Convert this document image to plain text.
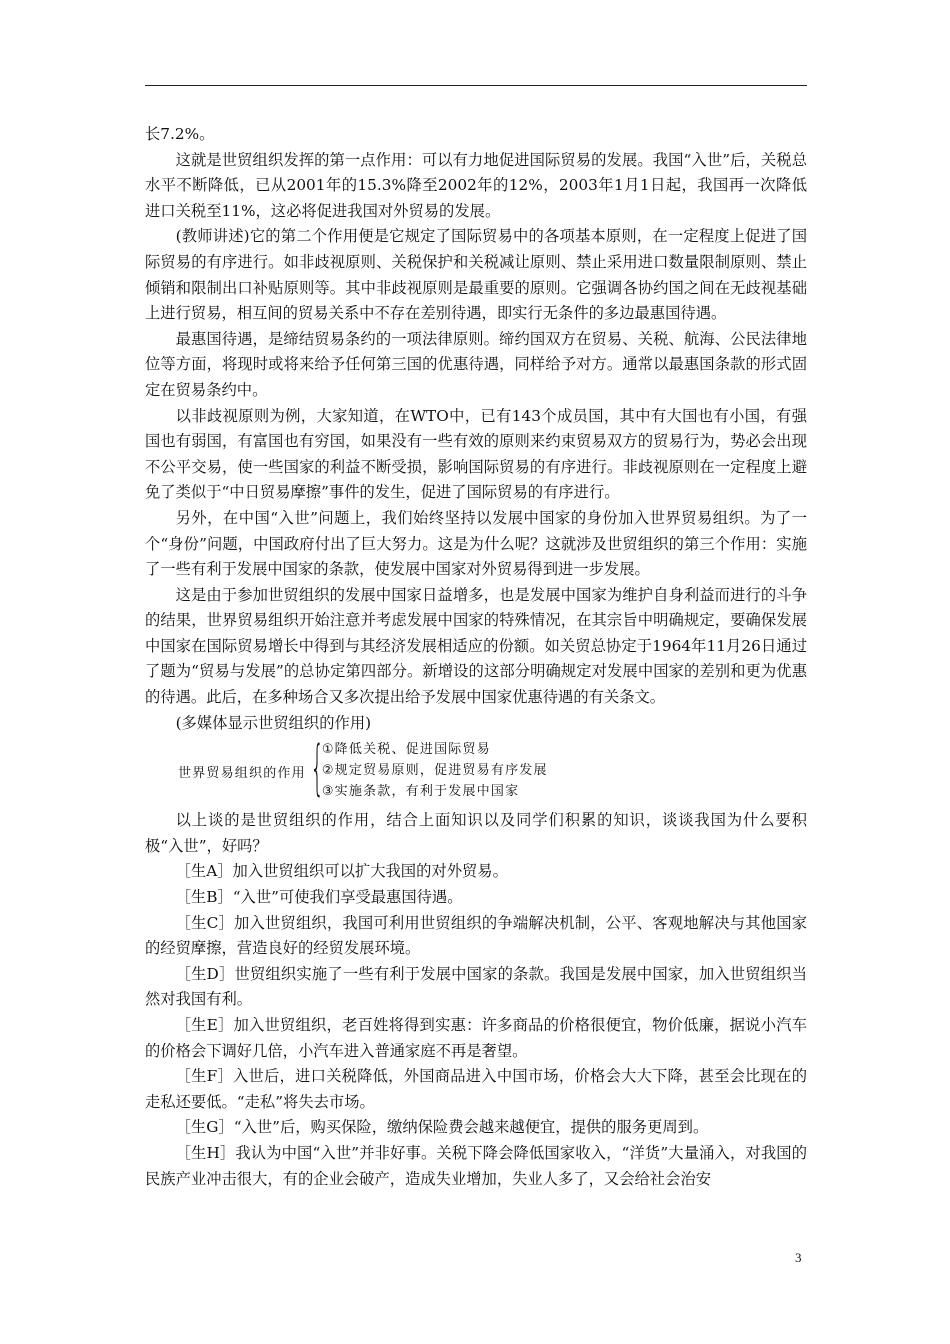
长7.2%。

这就是世贸组织发挥的第一点作用：可以有力地促进国际贸易的发展。我国“入世”后，关税总水平不断降低，已从2001年的15.3%降至2002年的12%，2003年1月1日起，我国再一次降低进口关税至11%，这必将促进我国对外贸易的发展。

(教师讲述)它的第二个作用便是它规定了国际贸易中的各项基本原则，在一定程度上促进了国际贸易的有序进行。如非歧视原则、关税保护和关税减让原则、禁止采用进口数量限制原则、禁止倾销和限制出口补贴原则等。其中非歧视原则是最重要的原则。它强调各协约国之间在无歧视基础上进行贸易，相互间的贸易关系中不存在差别待遇，即实行无条件的多边最惠国待遇。

最惠国待遇，是缔结贸易条约的一项法律原则。缔约国双方在贸易、关税、航海、公民法律地位等方面，将现时或将来给予任何第三国的优惠待遇，同样给予对方。通常以最惠国条款的形式固定在贸易条约中。

以非歧视原则为例，大家知道，在WTO中，已有143个成员国，其中有大国也有小国，有强国也有弱国，有富国也有穷国，如果没有一些有效的原则来约束贸易双方的贸易行为，势必会出现不公平交易，使一些国家的利益不断受损，影响国际贸易的有序进行。非歧视原则在一定程度上避免了类似于“中日贸易摩擦”事件的发生，促进了国际贸易的有序进行。

另外，在中国“入世”问题上，我们始终坚持以发展中国家的身份加入世界贸易组织。为了一个“身份”问题，中国政府付出了巨大努力。这是为什么呢？这就涉及世贸组织的第三个作用：实施了一些有利于发展中国家的条款，使发展中国家对外贸易得到进一步发展。

这是由于参加世贸组织的发展中国家日益增多，也是发展中国家为维护自身利益而进行的斗争的结果，世界贸易组织开始注意并考虑发展中国家的特殊情况，在其宗旨中明确规定，要确保发展中国家在国际贸易增长中得到与其经济发展相适应的份额。如关贸总协定于1964年11月26日通过了题为“贸易与发展”的总协定第四部分。新增设的这部分明确规定对发展中国家的差别和更为优惠的待遇。此后，在多种场合又多次提出给予发展中国家优惠待遇的有关条文。

(多媒体显示世贸组织的作用)

世界贸易组织的作用 {
①降低关税、促进国际贸易
②规定贸易原则，促进贸易有序发展
③实施条款，有利于发展中国家

以上谈的是世贸组织的作用，结合上面知识以及同学们积累的知识，谈谈我国为什么要积极“入世”，好吗？

［生A］加入世贸组织可以扩大我国的对外贸易。

［生B］“入世”可使我们享受最惠国待遇。

［生C］加入世贸组织，我国可利用世贸组织的争端解决机制，公平、客观地解决与其他国家的经贸摩擦，营造良好的经贸发展环境。

［生D］世贸组织实施了一些有利于发展中国家的条款。我国是发展中国家，加入世贸组织当然对我国有利。

［生E］加入世贸组织，老百姓将得到实惠：许多商品的价格很便宜，物价低廉，据说小汽车的价格会下调好几倍，小汽车进入普通家庭不再是奢望。

［生F］入世后，进口关税降低，外国商品进入中国市场，价格会大大下降，甚至会比现在的走私还要低。“走私”将失去市场。

［生G］“入世”后，购买保险，缴纳保险费会越来越便宜，提供的服务更周到。

［生H］我认为中国“入世”并非好事。关税下降会降低国家收入，“洋货”大量涌入，对我国的民族产业冲击很大，有的企业会破产，造成失业增加，失业人多了，又会给社会治安

3
